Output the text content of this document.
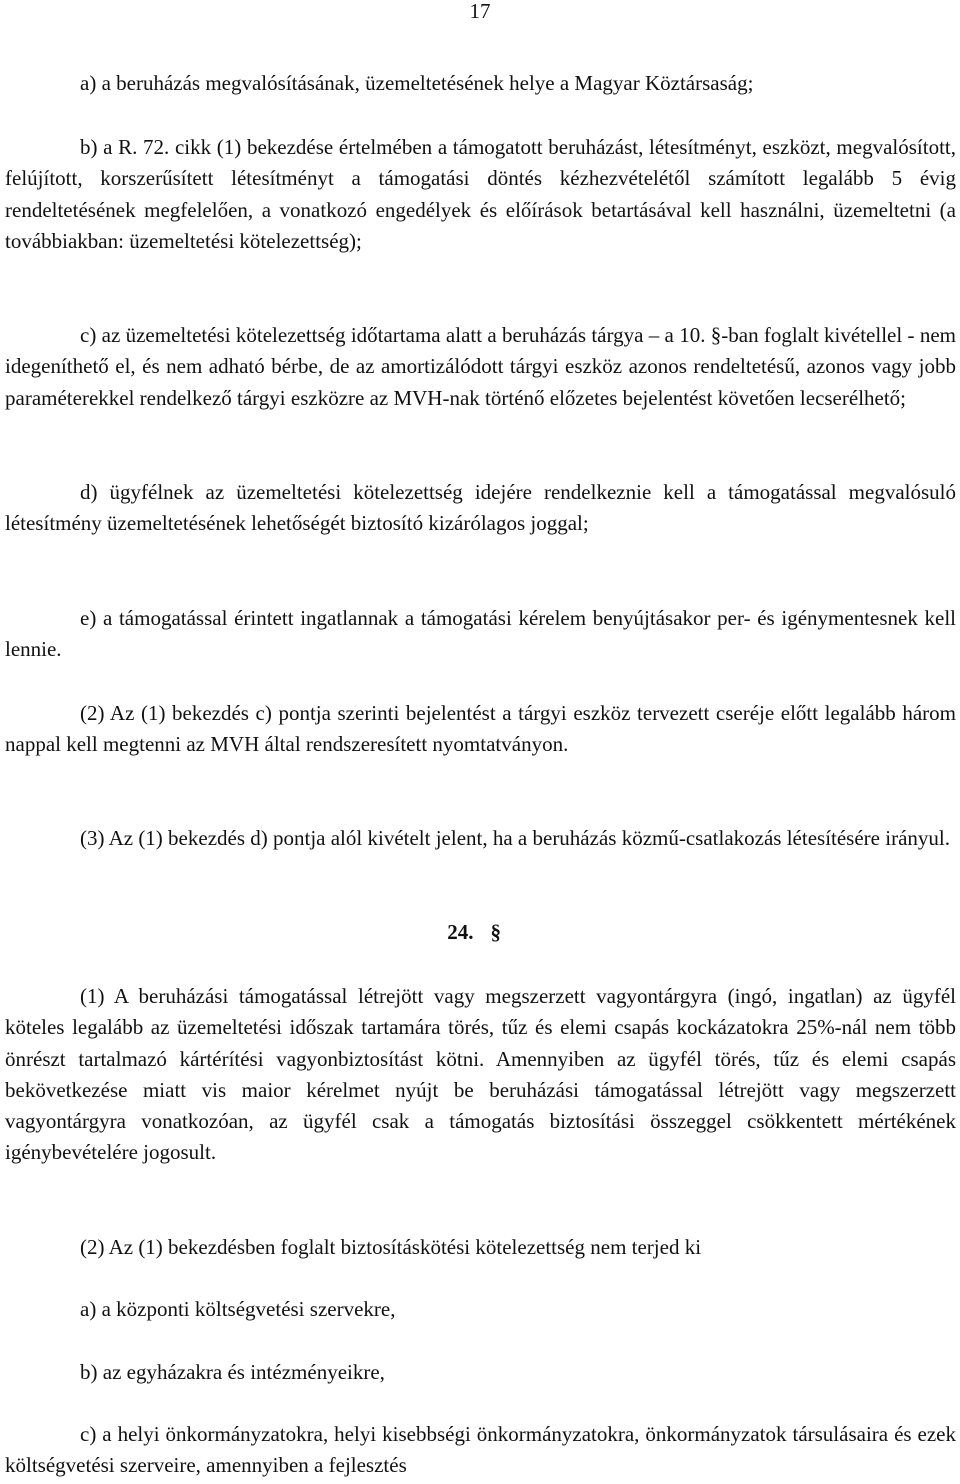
17

a) a beruházás megvalósításának, üzemeltetésének helye a Magyar Köztársaság;

b) a R. 72. cikk (1) bekezdése értelmében a támogatott beruházást, létesítményt, eszközt, megvalósított, felújított, korszerűsített létesítményt a támogatási döntés kézhezvételétől számított legalább 5 évig rendeltetésének megfelelően, a vonatkozó engedélyek és előírások betartásával kell használni, üzemeltetni (a továbbiakban: üzemeltetési kötelezettség);

c) az üzemeltetési kötelezettség időtartama alatt a beruházás tárgya – a 10. §-ban foglalt kivétellel - nem idegeníthető el, és nem adható bérbe, de az amortizálódott tárgyi eszköz azonos rendeltetésű, azonos vagy jobb paraméterekkel rendelkező tárgyi eszközre az MVH-nak történő előzetes bejelentést követően lecserélhető;

d) ügyfélnek az üzemeltetési kötelezettség idejére rendelkeznie kell a támogatással megvalósuló létesítmény üzemeltetésének lehetőségét biztosító kizárólagos joggal;

e) a támogatással érintett ingatlannak a támogatási kérelem benyújtásakor per- és igénymentesnek kell lennie.

(2) Az (1) bekezdés c) pontja szerinti bejelentést a tárgyi eszköz tervezett cseréje előtt legalább három nappal kell megtenni az MVH által rendszeresített nyomtatványon.

(3) Az (1) bekezdés d) pontja alól kivételt jelent, ha a beruházás közmű-csatlakozás létesítésére irányul.

24. §

(1) A beruházási támogatással létrejött vagy megszerzett vagyontárgyra (ingó, ingatlan) az ügyfél köteles legalább az üzemeltetési időszak tartamára törés, tűz és elemi csapás kockázatokra 25%-nál nem több önrészt tartalmazó kártérítési vagyonbiztosítást kötni. Amennyiben az ügyfél törés, tűz és elemi csapás bekövetkezése miatt vis maior kérelmet nyújt be beruházási támogatással létrejött vagy megszerzett vagyontárgyra vonatkozóan, az ügyfél csak a támogatás biztosítási összeggel csökkentett mértékének igénybevételére jogosult.

(2) Az (1) bekezdésben foglalt biztosításkötési kötelezettség nem terjed ki

a) a központi költségvetési szervekre,

b) az egyházakra és intézményeikre,

c) a helyi önkormányzatokra, helyi kisebbségi önkormányzatokra, önkormányzatok társulásaira és ezek költségvetési szerveire, amennyiben a fejlesztés
